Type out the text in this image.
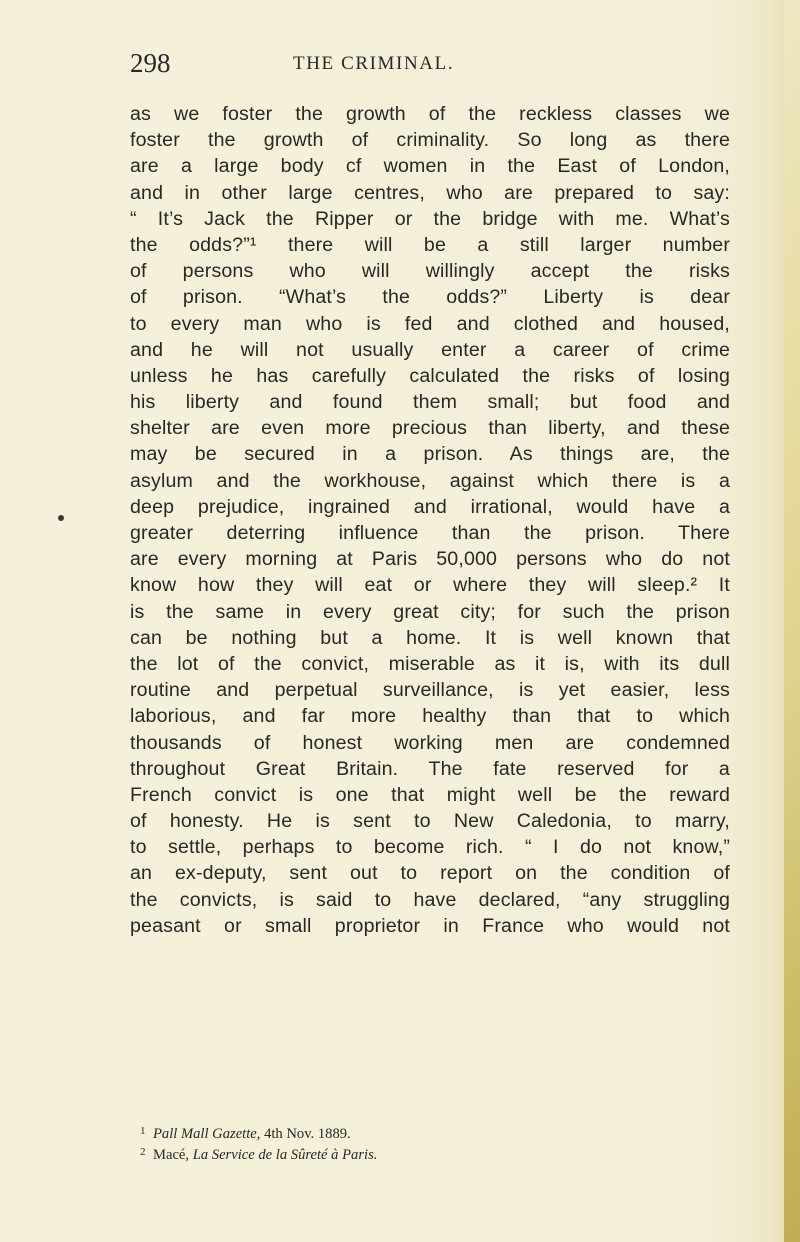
298	THE CRIMINAL.
as we foster the growth of the reckless classes we
foster the growth of criminality. So long as there
are a large body cf women in the East of London,
and in other large centres, who are prepared to say:
“ It’s Jack the Ripper or the bridge with me. What’s
the odds?”¹ there will be a still larger number
of persons who will willingly accept the risks
of prison. “What’s the odds?” Liberty is dear
to every man who is fed and clothed and housed,
and he will not usually enter a career of crime
unless he has carefully calculated the risks of losing
his liberty and found them small; but food and
shelter are even more precious than liberty, and these
may be secured in a prison. As things are, the
asylum and the workhouse, against which there is a
deep prejudice, ingrained and irrational, would have a
greater deterring influence than the prison. There
are every morning at Paris 50,000 persons who do not
know how they will eat or where they will sleep.² It
is the same in every great city; for such the prison
can be nothing but a home. It is well known that
the lot of the convict, miserable as it is, with its dull
routine and perpetual surveillance, is yet easier, less
laborious, and far more healthy than that to which
thousands of honest working men are condemned
throughout Great Britain. The fate reserved for a
French convict is one that might well be the reward
of honesty. He is sent to New Caledonia, to marry,
to settle, perhaps to become rich. “ I do not know,”
an ex-deputy, sent out to report on the condition of
the convicts, is said to have declared, “any struggling
peasant or small proprietor in France who would not
1 Pall Mall Gazette, 4th Nov. 1889.
2 Macé, La Service de la Sûreté à Paris.
